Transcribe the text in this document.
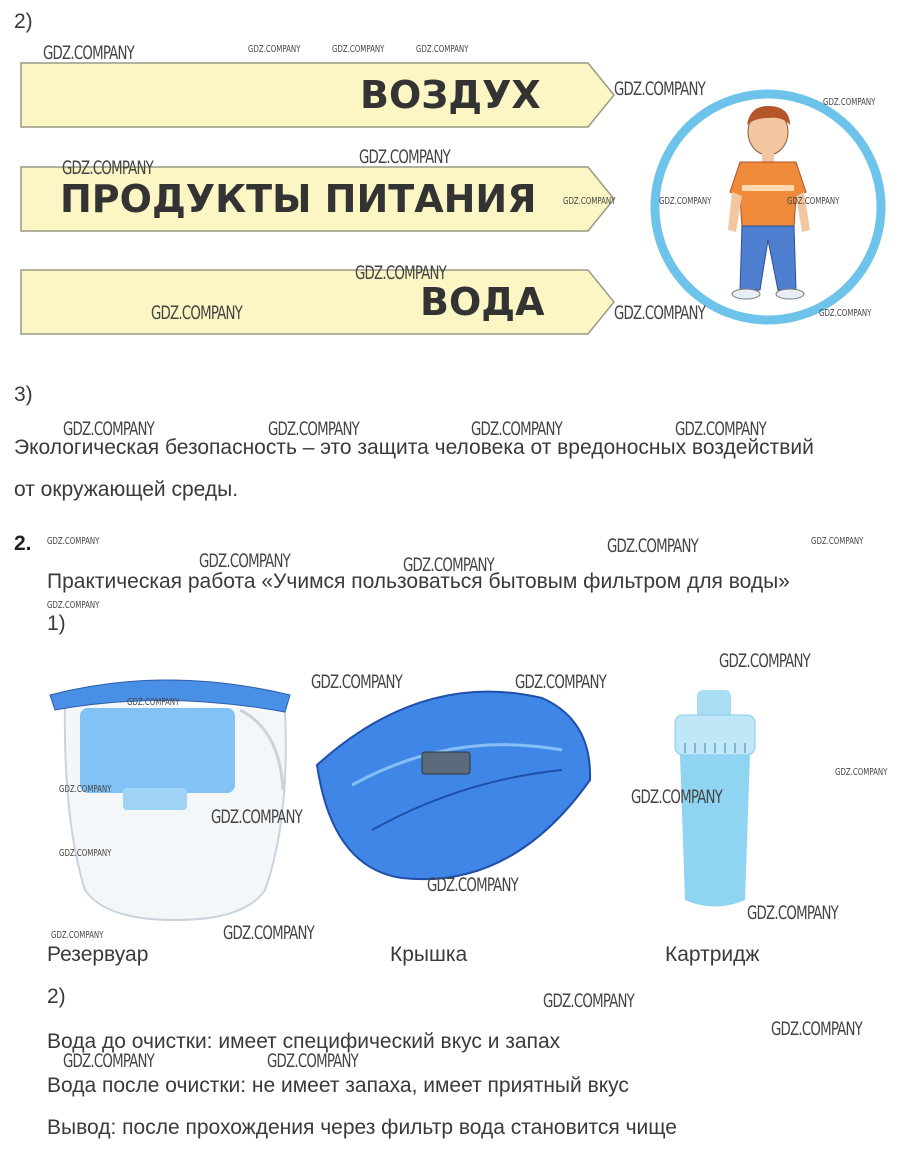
2)
ВОЗДУХ
ПРОДУКТЫ ПИТАНИЯ
ВОДА
3)
Экологическая безопасность – это защита человека от вредоносных воздействий
от окружающей среды.
2.
Практическая работа «Учимся пользоваться бытовым фильтром для воды»
1)
Резервуар	Крышка	Картридж
2)
Вода до очистки: имеет специфический вкус и запах
Вода после очистки: не имеет запаха, имеет приятный вкус
Вывод: после прохождения через фильтр вода становится чище
GDZ.COMPANY	GDZ.COMPANY	GDZ.COMPANY	GDZ.COMPANY
GDZ.COMPANY
GDZ.COMPANY
GDZ.COMPANY	GDZ.COMPANY
GDZ.COMPANY	GDZ.COMPANY	GDZ.COMPANY
GDZ.COMPANY
GDZ.COMPANY	GDZ.COMPANY	GDZ.COMPANY
GDZ.COMPANY	GDZ.COMPANY	GDZ.COMPANY	GDZ.COMPANY
GDZ.COMPANY	GDZ.COMPANY	GDZ.COMPANY
GDZ.COMPANY	GDZ.COMPANY
GDZ.COMPANY
GDZ.COMPANY
GDZ.COMPANY	GDZ.COMPANY
GDZ.COMPANY
GDZ.COMPANY
GDZ.COMPANY	GDZ.COMPANY
GDZ.COMPANY
GDZ.COMPANY
GDZ.COMPANY
GDZ.COMPANY
GDZ.COMPANY	GDZ.COMPANY
GDZ.COMPANY
GDZ.COMPANY
GDZ.COMPANY	GDZ.COMPANY
